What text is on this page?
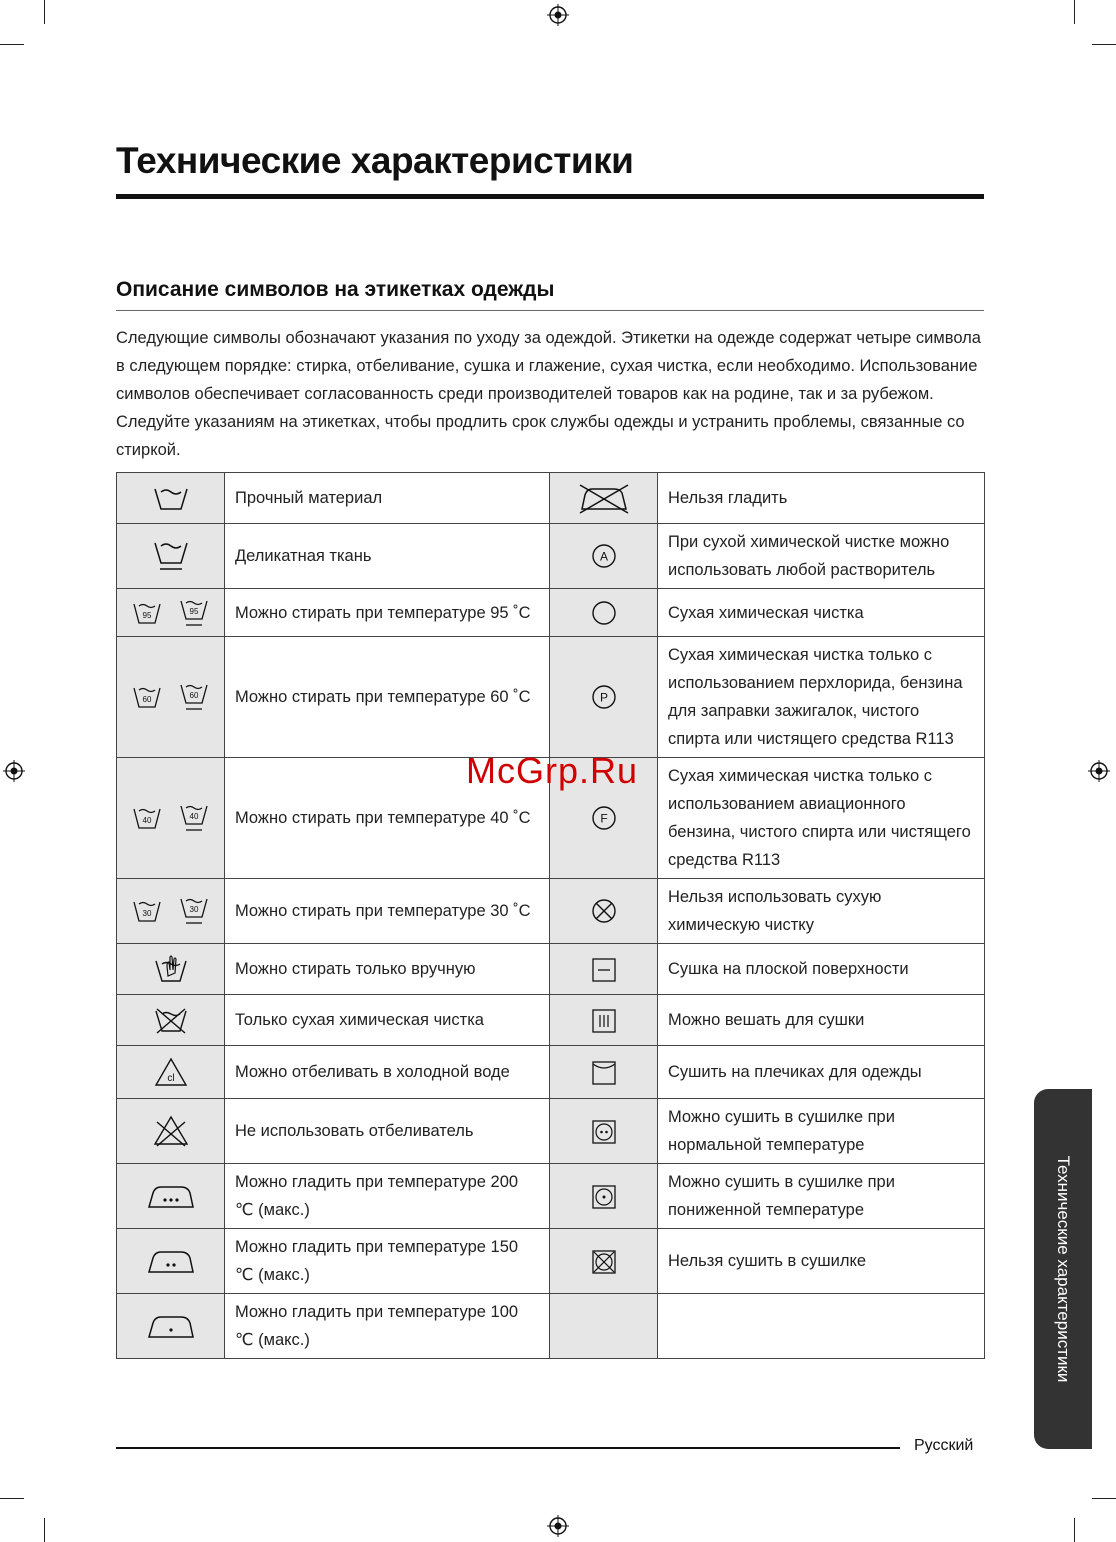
Технические характеристики
Описание символов на этикетках одежды

Следующие символы обозначают указания по уходу за одеждой. Этикетки на одежде содержат четыре символа в следующем порядке: стирка, отбеливание, сушка и глажение, сухая чистка, если необходимо. Использование символов обеспечивает согласованность среди производителей товаров как на родине, так и за рубежом. Следуйте указаниям на этикетках, чтобы продлить срок службы одежды и устранить проблемы, связанные со стиркой.

	Прочный материал		Нельзя гладить
	Деликатная ткань	A	При сухой химической чистке можно использовать любой растворитель

95
95	Можно стирать при температуре 95 ˚C		Сухая химическая чистка

60
60	Можно стирать при температуре 60 ˚C	P	Сухая химическая чистка только с использованием перхлорида, бензина для заправки зажигалок, чистого спирта или чистящего средства R113

40
40	Можно стирать при температуре 40 ˚C	F	Сухая химическая чистка только с использованием авиационного бензина, чистого спирта или чистящего средства R113

30
30	Можно стирать при температуре 30 ˚C		Нельзя использовать сухую химическую чистку
	Можно стирать только вручную		Сушка на плоской поверхности
	Только сухая химическая чистка		Можно вешать для сушки

cl	Можно отбеливать в холодной воде		Сушить на плечиках для одежды
	Не использовать отбеливатель		Можно сушить в сушилке при нормальной температуре
	Можно гладить при температуре 200 ℃ (макс.)		Можно сушить в сушилке при пониженной температуре
	Можно гладить при температуре 150 ℃ (макс.)		Нельзя сушить в сушилке
	Можно гладить при температуре 100 ℃ (макс.)		
McGrp.Ru
Русский
Технические характеристики
